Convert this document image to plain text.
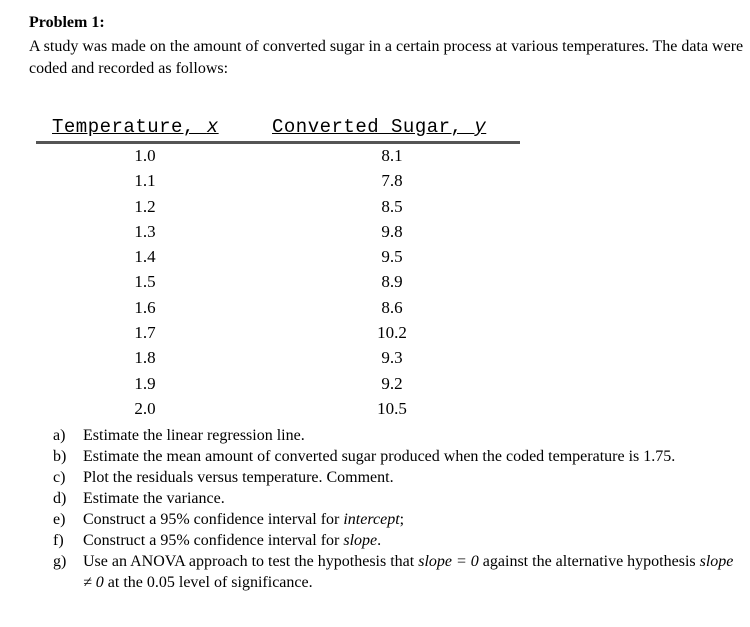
Problem 1:
A study was made on the amount of converted sugar in a certain process at various temperatures. The data were coded and recorded as follows:
Temperature, x	Converted Sugar, y
1.0	8.1
1.1	7.8
1.2	8.5
1.3	9.8
1.4	9.5
1.5	8.9
1.6	8.6
1.7	10.2
1.8	9.3
1.9	9.2
2.0	10.5
a) Estimate the linear regression line.
b) Estimate the mean amount of converted sugar produced when the coded temperature is 1.75.
c) Plot the residuals versus temperature. Comment.
d) Estimate the variance.
e) Construct a 95% confidence interval for intercept;
f) Construct a 95% confidence interval for slope.
g) Use an ANOVA approach to test the hypothesis that slope = 0 against the alternative hypothesis slope ≠ 0 at the 0.05 level of significance.
